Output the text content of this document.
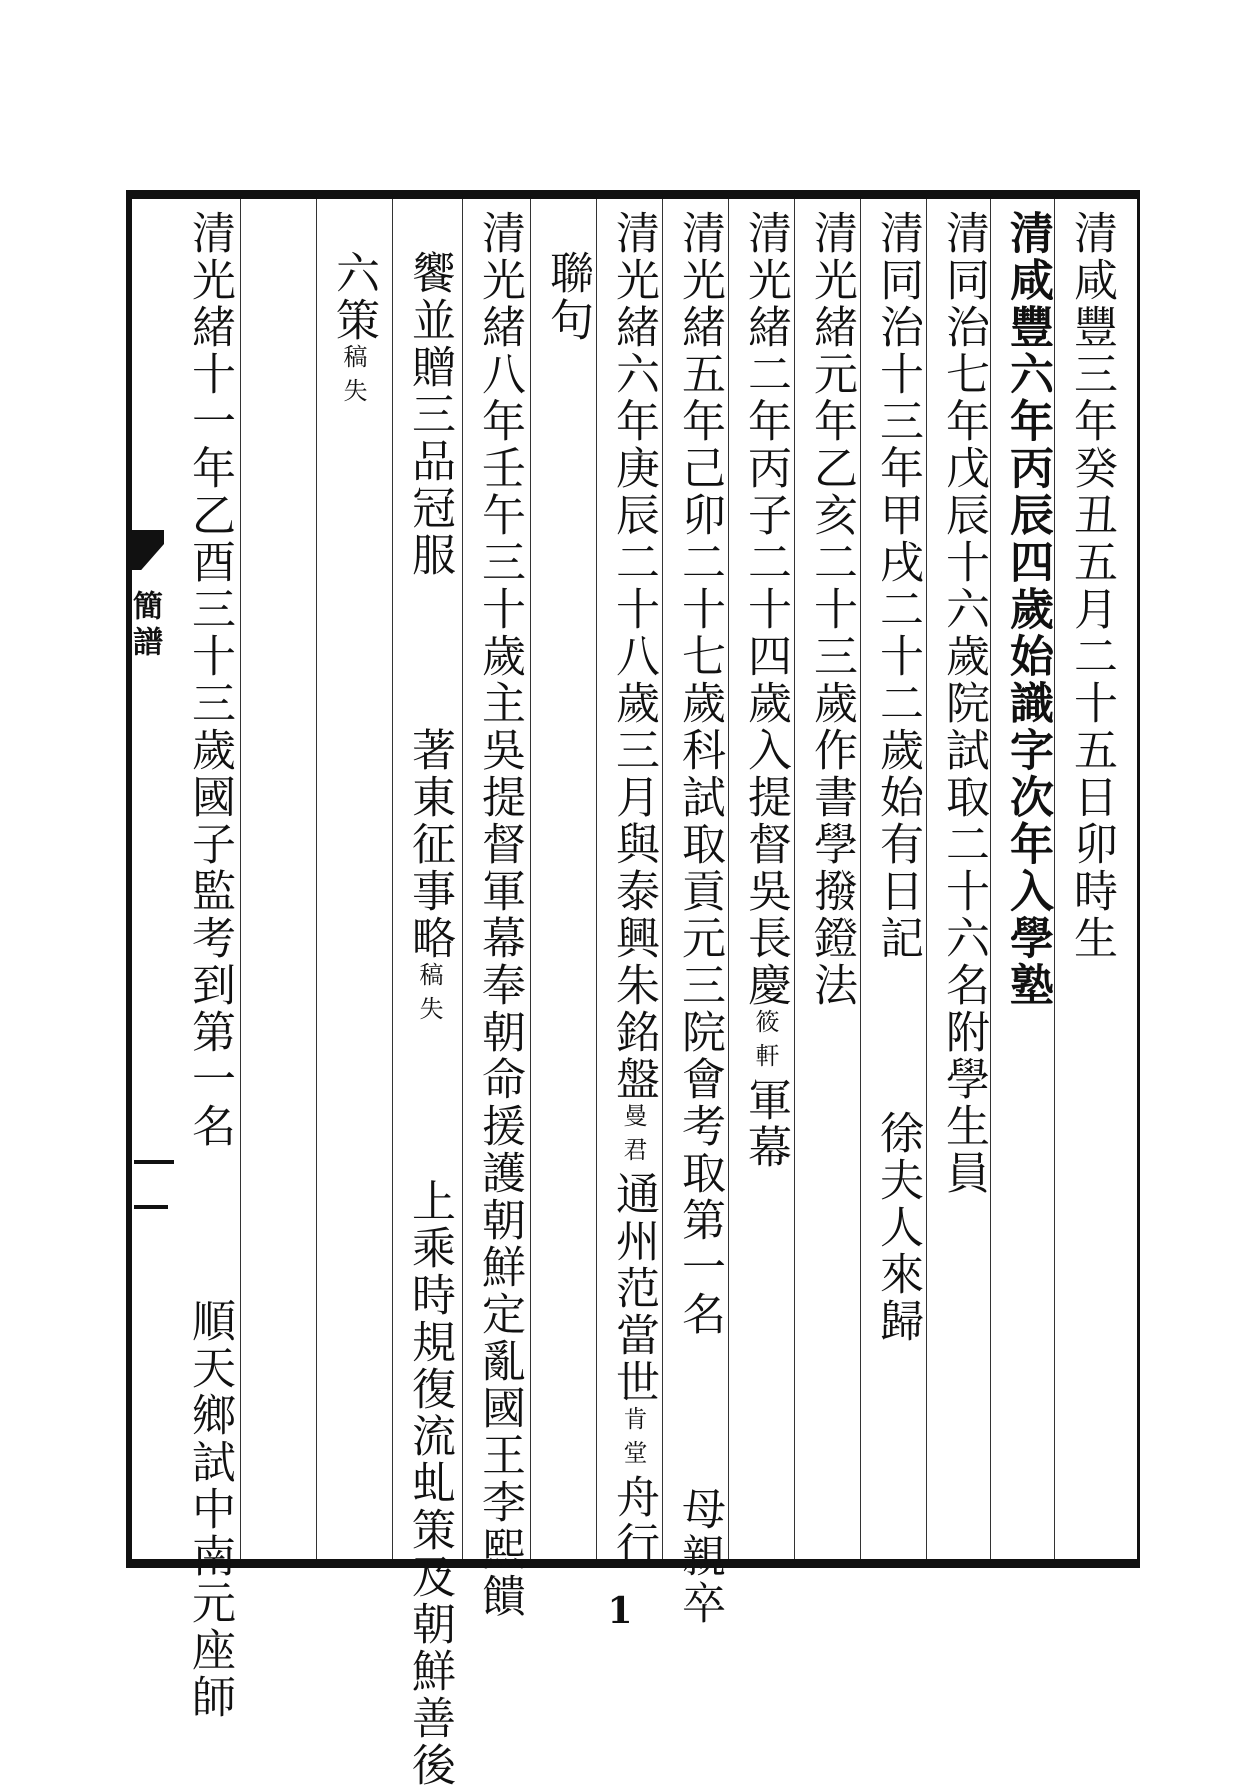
簡譜	清咸豐三年癸丑五月二十五日卯時生
清咸豐六年丙辰四歲始識字次年入學塾
清同治七年戊辰十六歲院試取二十六名附學生員
清同治十三年甲戌二十二歲始有日記  徐夫人來歸
清光緒元年乙亥二十三歲作書學撥鐙法
清光緒二年丙子二十四歲入提督吳長慶筱軒軍幕
清光緒五年己卯二十七歲科試取貢元三院會考取第一名  母親卒
清光緒六年庚辰二十八歲三月與泰興朱銘盤曼君通州范當世肯堂舟行
聯句
清光緒八年壬午三十歲主吳提督軍幕奉朝命援護朝鮮定亂國王李熙饋
饗並贈三品冠服  著東征事略稿失  上乘時規復流虬策及朝鮮善後
六策稿失
清光緒十一年乙酉三十三歲國子監考到第一名  順天鄉試中南元座師	1
